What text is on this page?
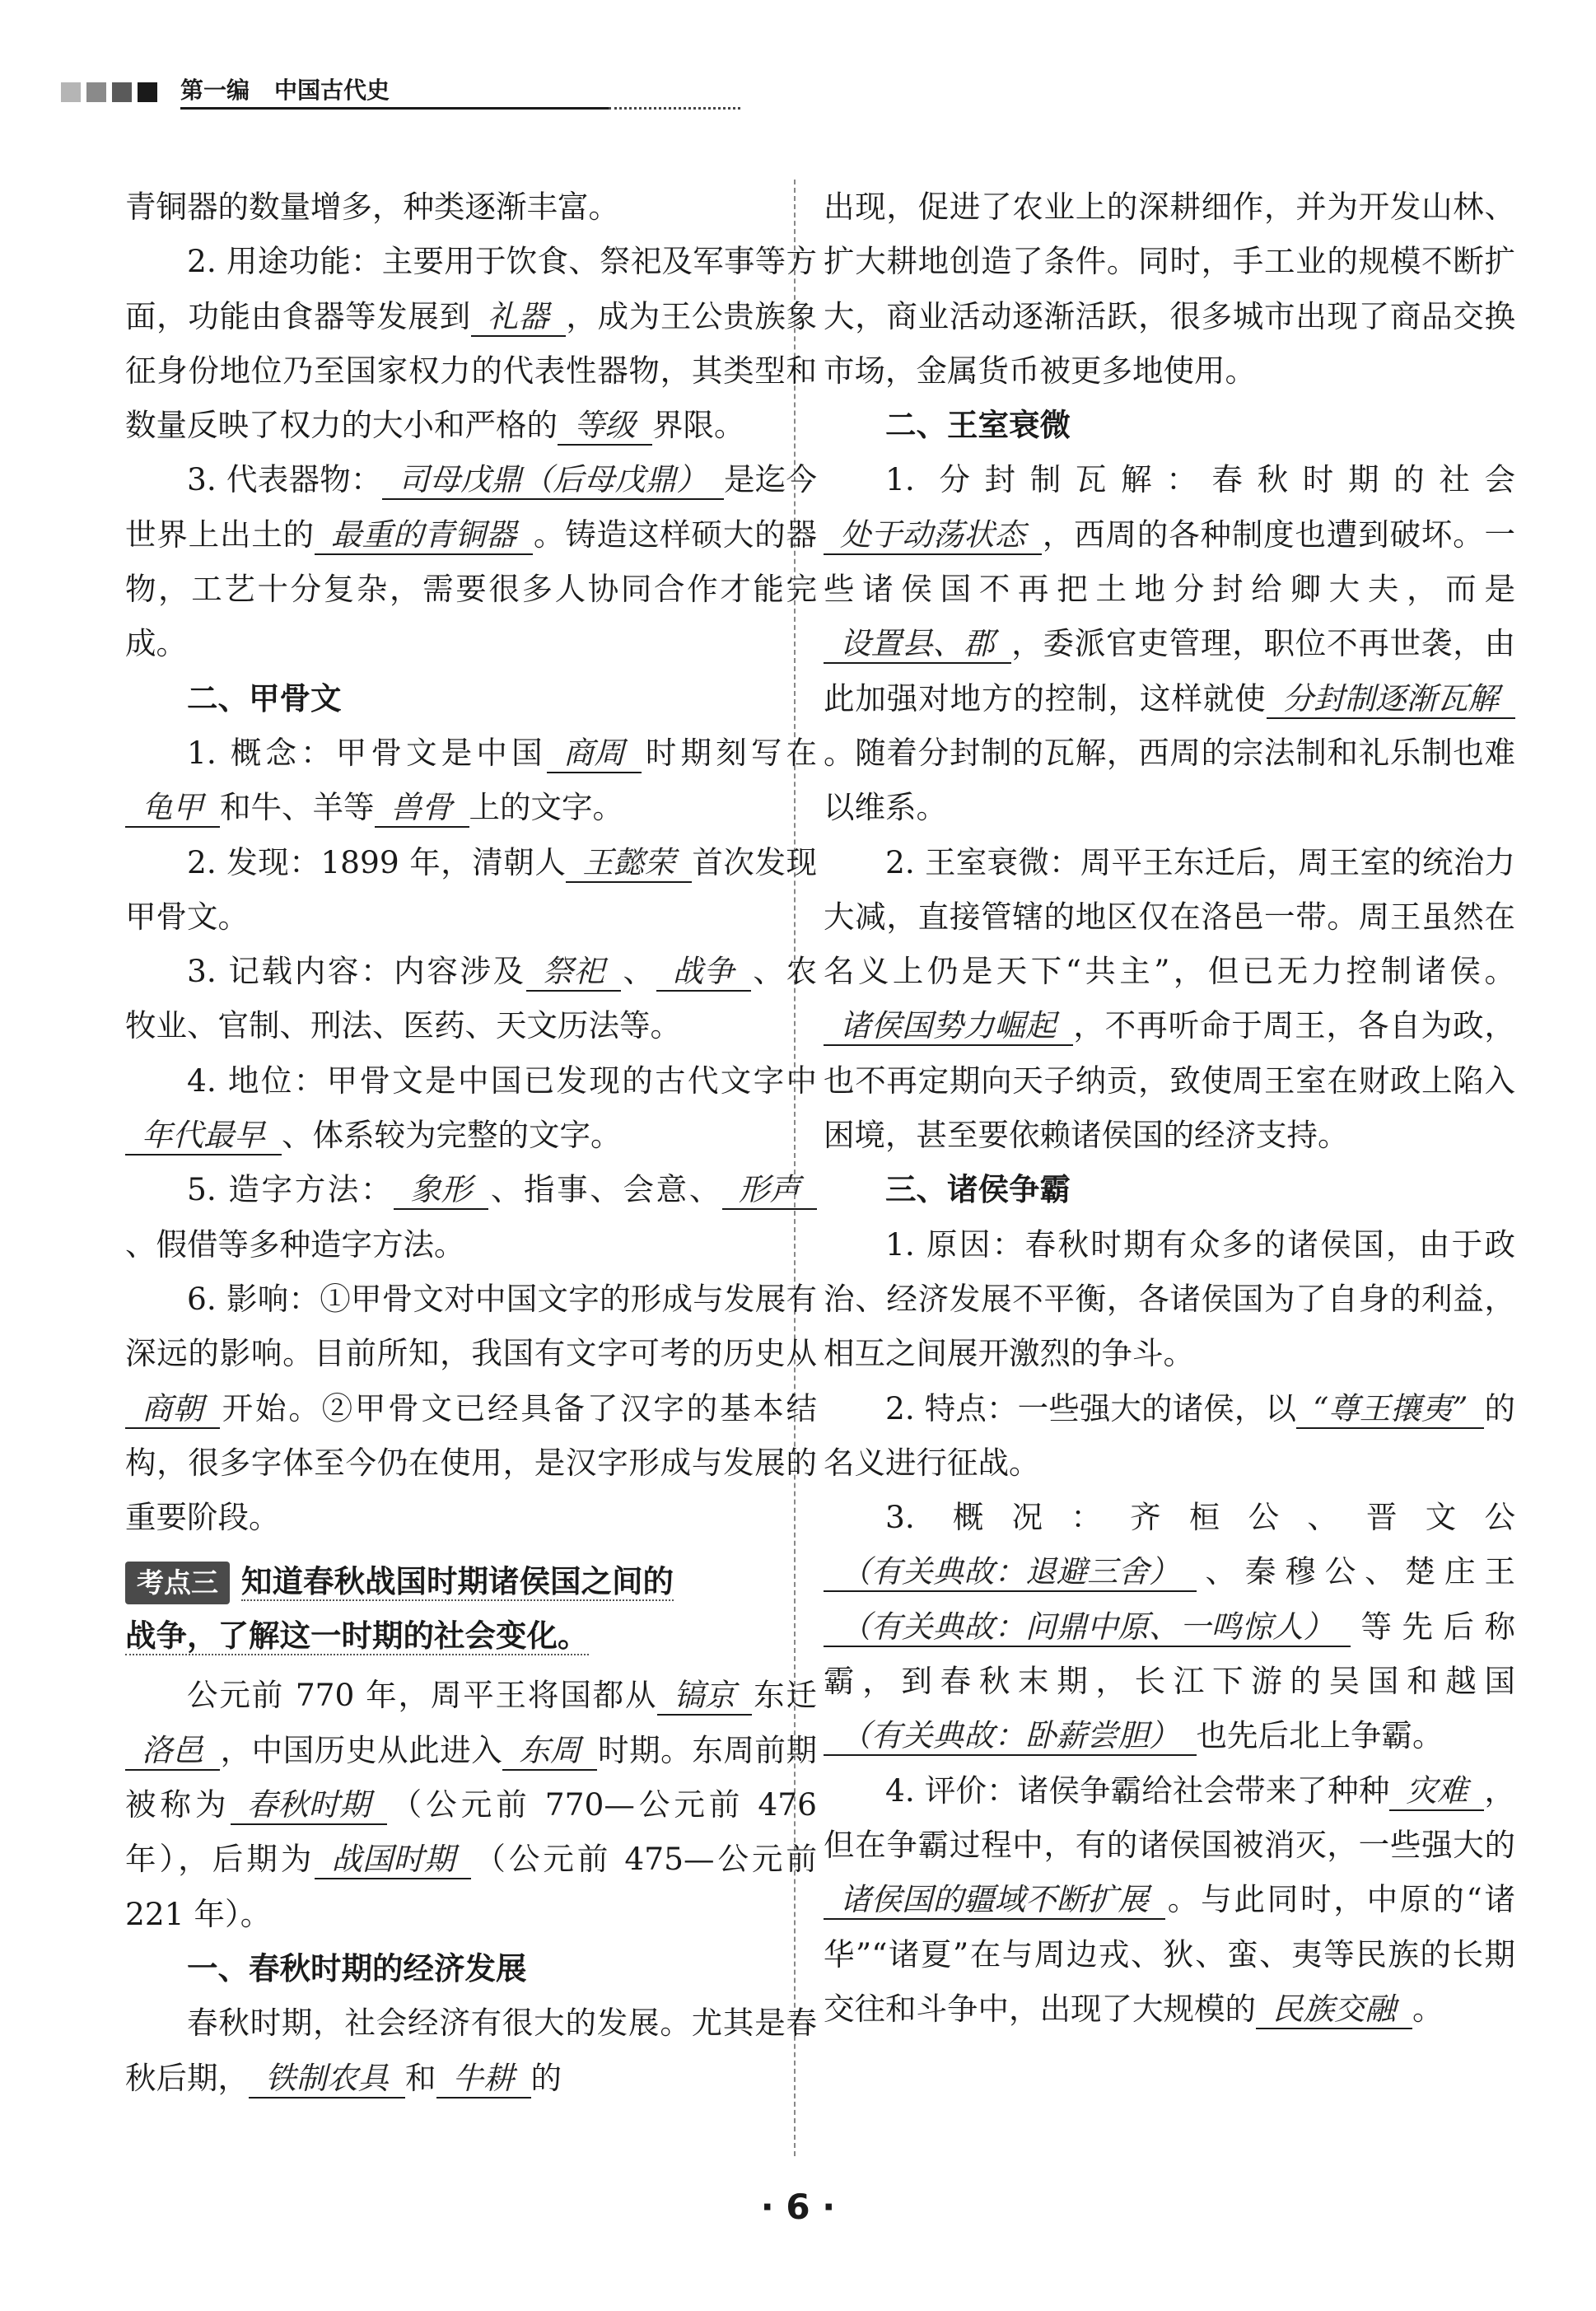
第一编 中国古代史

青铜器的数量增多，种类逐渐丰富。

2. 用途功能：主要用于饮食、祭祀及军事等方面，功能由食器等发展到 礼器 ，成为王公贵族象征身份地位乃至国家权力的代表性器物，其类型和数量反映了权力的大小和严格的 等级 界限。

3. 代表器物： 司母戊鼎（后母戊鼎） 是迄今世界上出土的 最重的青铜器 。铸造这样硕大的器物，工艺十分复杂，需要很多人协同合作才能完成。

二、甲骨文

1. 概念：甲骨文是中国 商周 时期刻写在龟甲 和牛、羊等 兽骨 上的文字。

2. 发现：1899 年，清朝人 王懿荣 首次发现甲骨文。

3. 记载内容：内容涉及 祭祀 、 战争 、农牧业、官制、刑法、医药、天文历法等。

4. 地位：甲骨文是中国已发现的古代文字中年代最早 、体系较为完整的文字。

5. 造字方法： 象形 、指事、会意、 形声、假借等多种造字方法。

6. 影响：①甲骨文对中国文字的形成与发展有深远的影响。目前所知，我国有文字可考的历史从商朝 开始。②甲骨文已经具备了汉字的基本结构，很多字体至今仍在使用，是汉字形成与发展的重要阶段。

考点三 知道春秋战国时期诸侯国之间的
战争，了解这一时期的社会变化。

公元前 770 年，周平王将国都从 镐京 东迁洛邑 ，中国历史从此进入 东周 时期。东周前期被称为 春秋时期 （公元前 770—公元前 476 年），后期为 战国时期 （公元前 475—公元前 221 年）。

一、春秋时期的经济发展

春秋时期，社会经济有很大的发展。尤其是春秋后期， 铁制农具 和 牛耕 的

出现，促进了农业上的深耕细作，并为开发山林、扩大耕地创造了条件。同时，手工业的规模不断扩大，商业活动逐渐活跃，很多城市出现了商品交换市场，金属货币被更多地使用。

二、王室衰微

1. 分封制瓦解：春秋时期的社会处于动荡状态 ，西周的各种制度也遭到破坏。一些诸侯国不再把土地分封给卿大夫，而是设置县、郡 ，委派官吏管理，职位不再世袭，由此加强对地方的控制，这样就使 分封制逐渐瓦解。随着分封制的瓦解，西周的宗法制和礼乐制也难以维系。

2. 王室衰微：周平王东迁后，周王室的统治力大减，直接管辖的地区仅在洛邑一带。周王虽然在名义上仍是天下“共主”，但已无力控制诸侯。诸侯国势力崛起 ，不再听命于周王，各自为政，也不再定期向天子纳贡，致使周王室在财政上陷入困境，甚至要依赖诸侯国的经济支持。

三、诸侯争霸

1. 原因：春秋时期有众多的诸侯国，由于政治、经济发展不平衡，各诸侯国为了自身的利益，相互之间展开激烈的争斗。

2. 特点：一些强大的诸侯，以 “尊王攘夷” 的名义进行征战。

3. 概况：齐桓公、晋文公（有关典故：退避三舍） 、秦穆公、楚庄王（有关典故：问鼎中原、一鸣惊人） 等先后称霸，到春秋末期，长江下游的吴国和越国（有关典故：卧薪尝胆） 也先后北上争霸。

4. 评价：诸侯争霸给社会带来了种种 灾难 ，但在争霸过程中，有的诸侯国被消灭，一些强大的诸侯国的疆域不断扩展 。与此同时，中原的“诸华”“诸夏”在与周边戎、狄、蛮、夷等民族的长期交往和斗争中，出现了大规模的 民族交融 。

· 6 ·
